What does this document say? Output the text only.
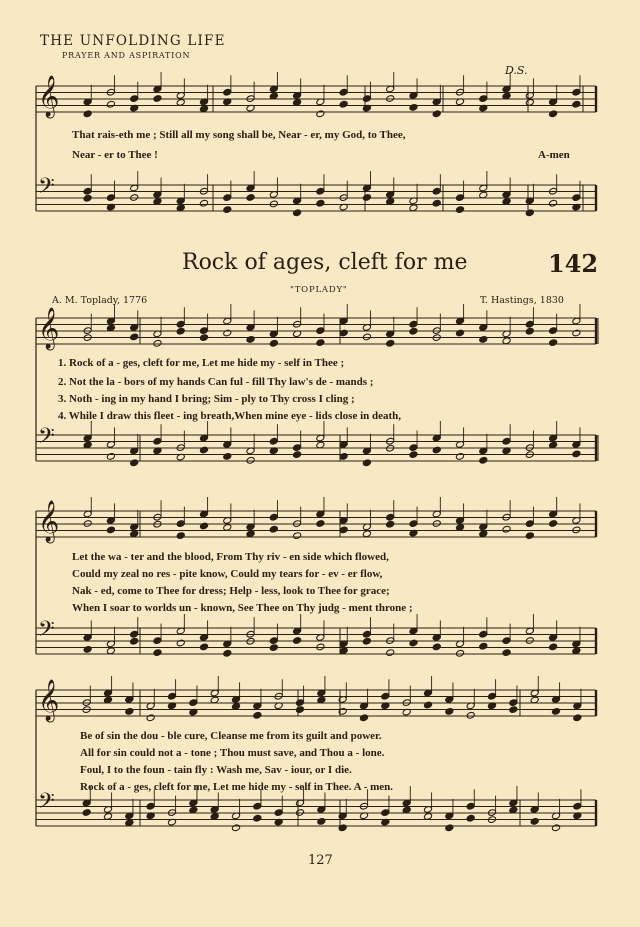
THE UNFOLDING LIFE
PRAYER AND ASPIRATION
D.S.
That rais-eth me ; Still all my song shall be, Near - er, my God, to Thee,
Near - er to Thee !	A-men
Rock of ages, cleft for me	142
"TOPLADY"
A. M. Toplady, 1776	T. Hastings, 1830
1. Rock of a - ges, cleft for me, Let me hide my - self in Thee ;
2. Not the la - bors of my hands Can ful - fill Thy law's de - mands ;
3. Noth - ing in my hand I bring; Sim - ply to Thy cross I cling ;
4. While I draw this fleet - ing breath,When mine eye - lids close in death,
Let the wa - ter and the blood, From Thy riv - en side which flowed,
Could my zeal no res - pite know, Could my tears for - ev - er flow,
Nak - ed, come to Thee for dress; Help - less, look to Thee for grace;
When I soar to worlds un - known, See Thee on Thy judg - ment throne ;
Be of sin the dou - ble cure, Cleanse me from its guilt and power.
All for sin could not a - tone ; Thou must save, and Thou a - lone.
Foul, I to the foun - tain fly : Wash me, Sav - iour, or I die.
Rock of a - ges, cleft for me, Let me hide my - self in Thee. A - men.
127
𝄞
𝄢
𝄞
𝄢
𝄞
𝄢
𝄞
𝄢
